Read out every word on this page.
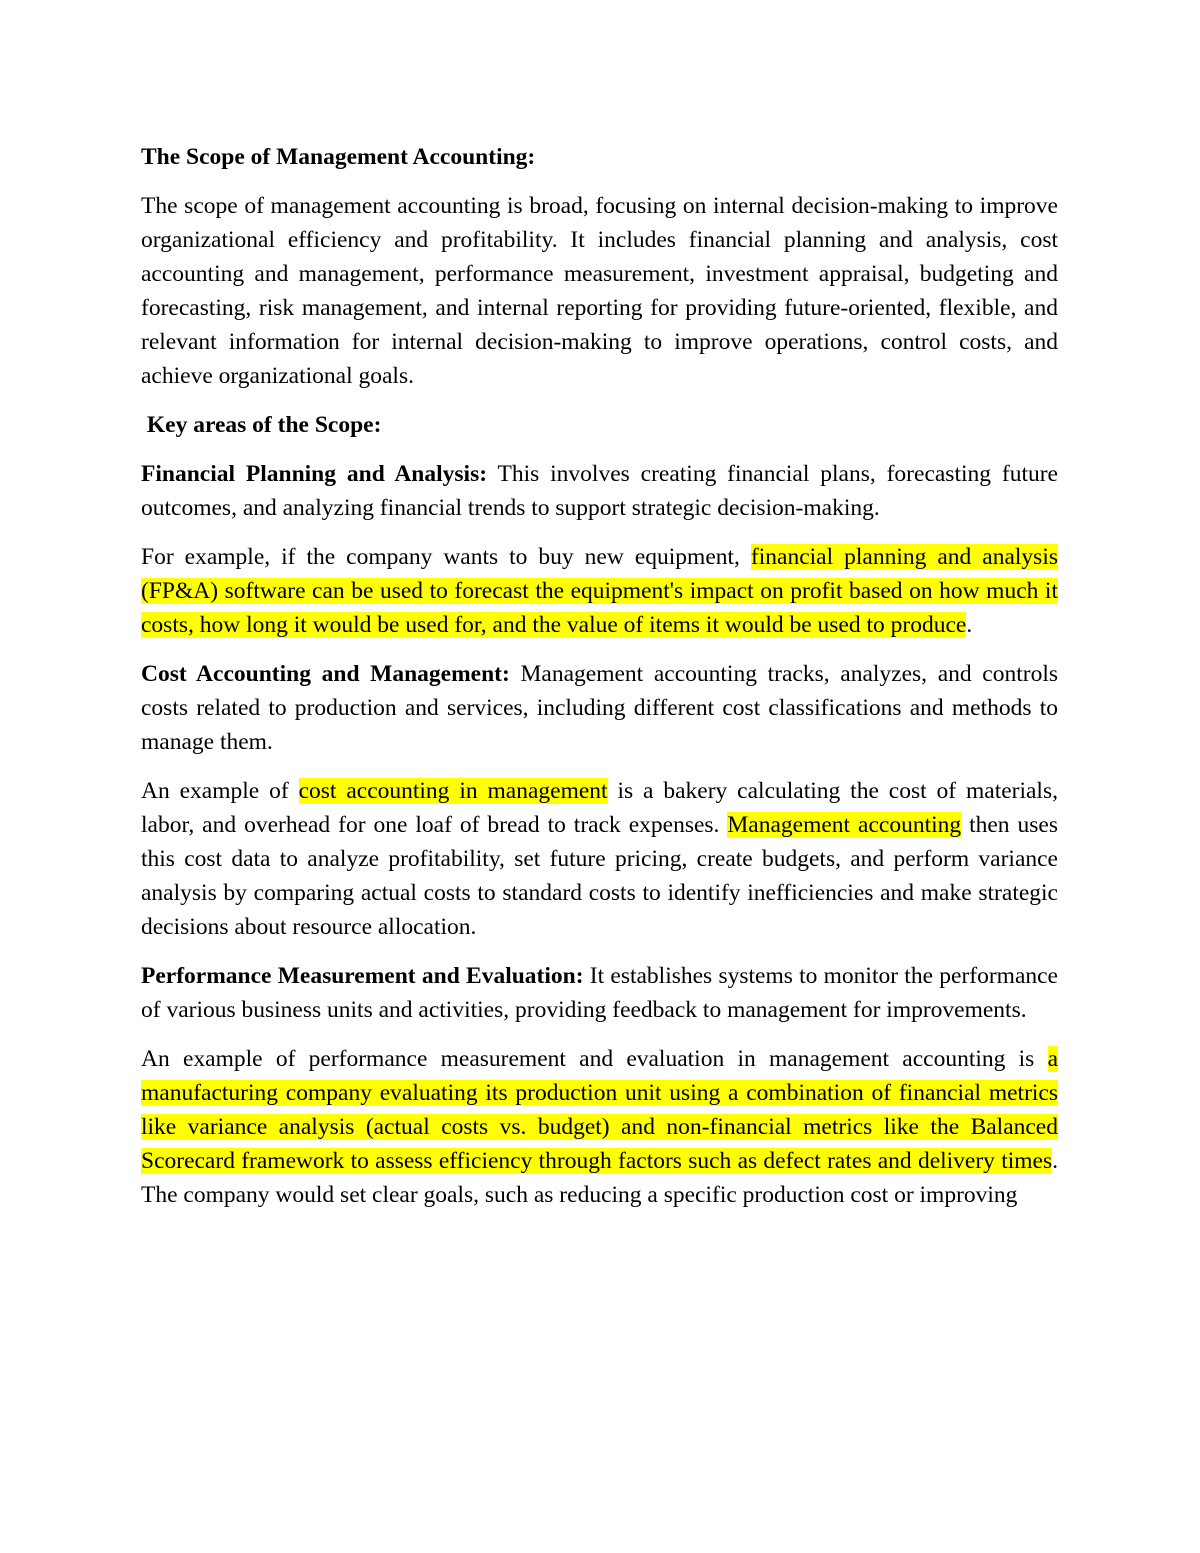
The Scope of Management Accounting:

The scope of management accounting is broad, focusing on internal decision-making to improve organizational efficiency and profitability. It includes financial planning and analysis, cost accounting and management, performance measurement, investment appraisal, budgeting and forecasting, risk management, and internal reporting for providing future-oriented, flexible, and relevant information for internal decision-making to improve operations, control costs, and achieve organizational goals.

Key areas of the Scope:

Financial Planning and Analysis: This involves creating financial plans, forecasting future outcomes, and analyzing financial trends to support strategic decision-making.

For example, if the company wants to buy new equipment, financial planning and analysis (FP&A) software can be used to forecast the equipment's impact on profit based on how much it costs, how long it would be used for, and the value of items it would be used to produce.

Cost Accounting and Management: Management accounting tracks, analyzes, and controls costs related to production and services, including different cost classifications and methods to manage them.

An example of cost accounting in management is a bakery calculating the cost of materials, labor, and overhead for one loaf of bread to track expenses. Management accounting then uses this cost data to analyze profitability, set future pricing, create budgets, and perform variance analysis by comparing actual costs to standard costs to identify inefficiencies and make strategic decisions about resource allocation.

Performance Measurement and Evaluation: It establishes systems to monitor the performance of various business units and activities, providing feedback to management for improvements.

An example of performance measurement and evaluation in management accounting is a manufacturing company evaluating its production unit using a combination of financial metrics like variance analysis (actual costs vs. budget) and non-financial metrics like the Balanced Scorecard framework to assess efficiency through factors such as defect rates and delivery times. The company would set clear goals, such as reducing a specific production cost or improving
